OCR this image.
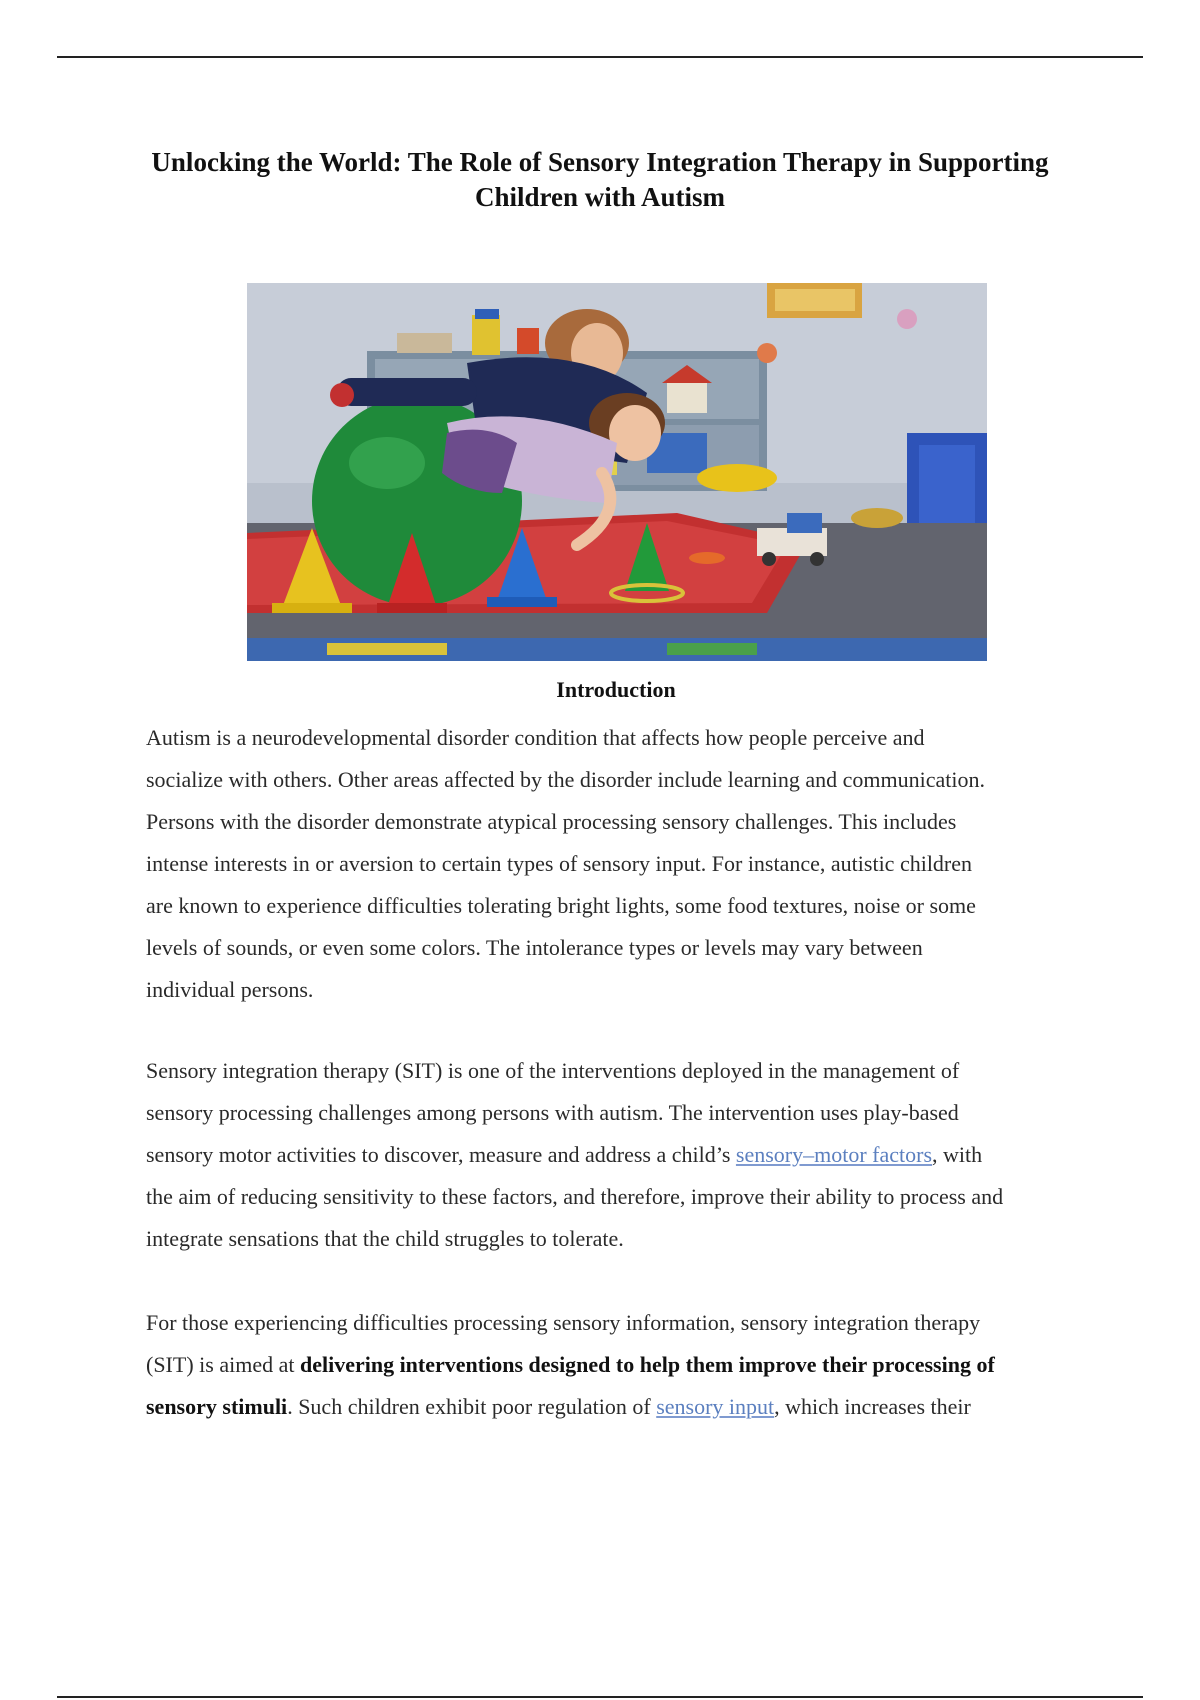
Unlocking the World: The Role of Sensory Integration Therapy in Supporting Children with Autism
Introduction

Autism is a neurodevelopmental disorder condition that affects how people perceive and
socialize with others. Other areas affected by the disorder include learning and communication.
Persons with the disorder demonstrate atypical processing sensory challenges. This includes
intense interests in or aversion to certain types of sensory input. For instance, autistic children
are known to experience difficulties tolerating bright lights, some food textures, noise or some
levels of sounds, or even some colors. The intolerance types or levels may vary between
individual persons.

Sensory integration therapy (SIT) is one of the interventions deployed in the management of
sensory processing challenges among persons with autism. The intervention uses play-based
sensory motor activities to discover, measure and address a child’s sensory–motor factors, with
the aim of reducing sensitivity to these factors, and therefore, improve their ability to process and
integrate sensations that the child struggles to tolerate.

For those experiencing difficulties processing sensory information, sensory integration therapy
(SIT) is aimed at delivering interventions designed to help them improve their processing of
sensory stimuli. Such children exhibit poor regulation of sensory input, which increases their
